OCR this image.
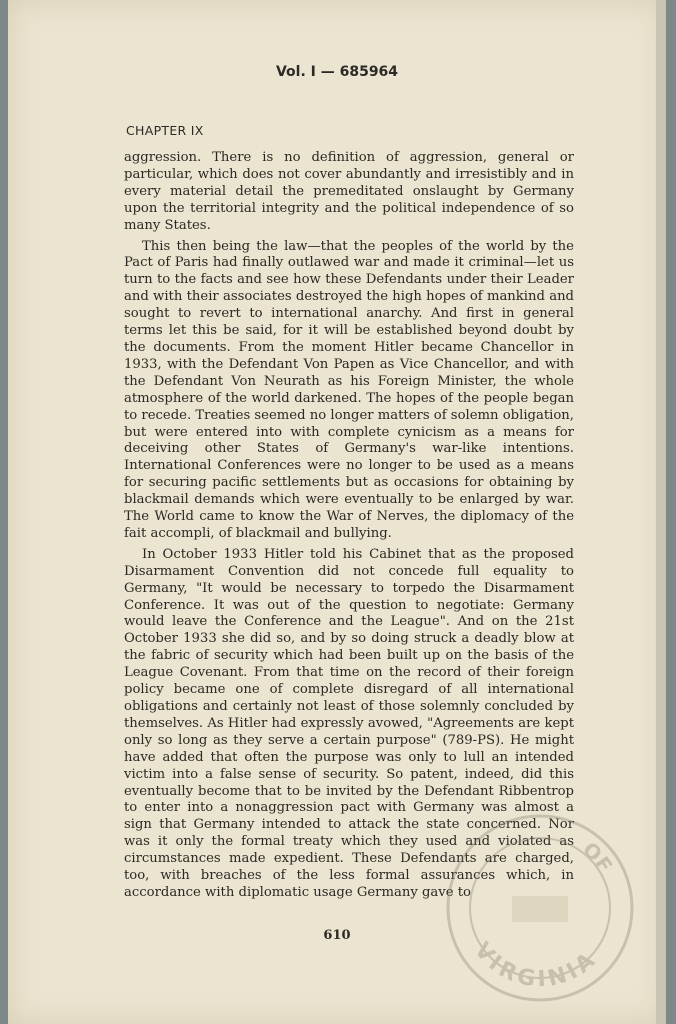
Vol. I — 685964
CHAPTER IX

aggression. There is no definition of aggression, general or particular, which does not cover abundantly and irresistibly and in every material detail the premeditated onslaught by Germany upon the territorial integrity and the political independence of so many States.

This then being the law—that the peoples of the world by the Pact of Paris had finally outlawed war and made it criminal—let us turn to the facts and see how these Defendants under their Leader and with their associates destroyed the high hopes of mankind and sought to revert to international anarchy. And first in general terms let this be said, for it will be established beyond doubt by the documents. From the moment Hitler became Chancellor in 1933, with the Defendant Von Papen as Vice Chancellor, and with the Defendant Von Neurath as his Foreign Minister, the whole atmosphere of the world darkened. The hopes of the people began to recede. Treaties seemed no longer matters of solemn obligation, but were entered into with complete cynicism as a means for deceiving other States of Germany's war-like intentions. International Conferences were no longer to be used as a means for securing pacific settlements but as occasions for obtaining by blackmail demands which were eventually to be enlarged by war. The World came to know the War of Nerves, the diplomacy of the fait accompli, of blackmail and bullying.

In October 1933 Hitler told his Cabinet that as the proposed Disarmament Convention did not concede full equality to Germany, "It would be necessary to torpedo the Disarmament Conference. It was out of the question to negotiate: Germany would leave the Conference and the League". And on the 21st October 1933 she did so, and by so doing struck a deadly blow at the fabric of security which had been built up on the basis of the League Covenant. From that time on the record of their foreign policy became one of complete disregard of all international obligations and certainly not least of those solemnly concluded by themselves. As Hitler had expressly avowed, "Agreements are kept only so long as they serve a certain purpose" (789-PS). He might have added that often the purpose was only to lull an intended victim into a false sense of security. So patent, indeed, did this eventually become that to be invited by the Defendant Ribbentrop to enter into a nonaggression pact with Germany was almost a sign that Germany intended to attack the state concerned. Nor was it only the formal treaty which they used and violated as circumstances made expedient. These Defendants are charged, too, with breaches of the less formal assurances which, in accordance with diplomatic usage Germany gave to

610
OF
VIRGINIA
